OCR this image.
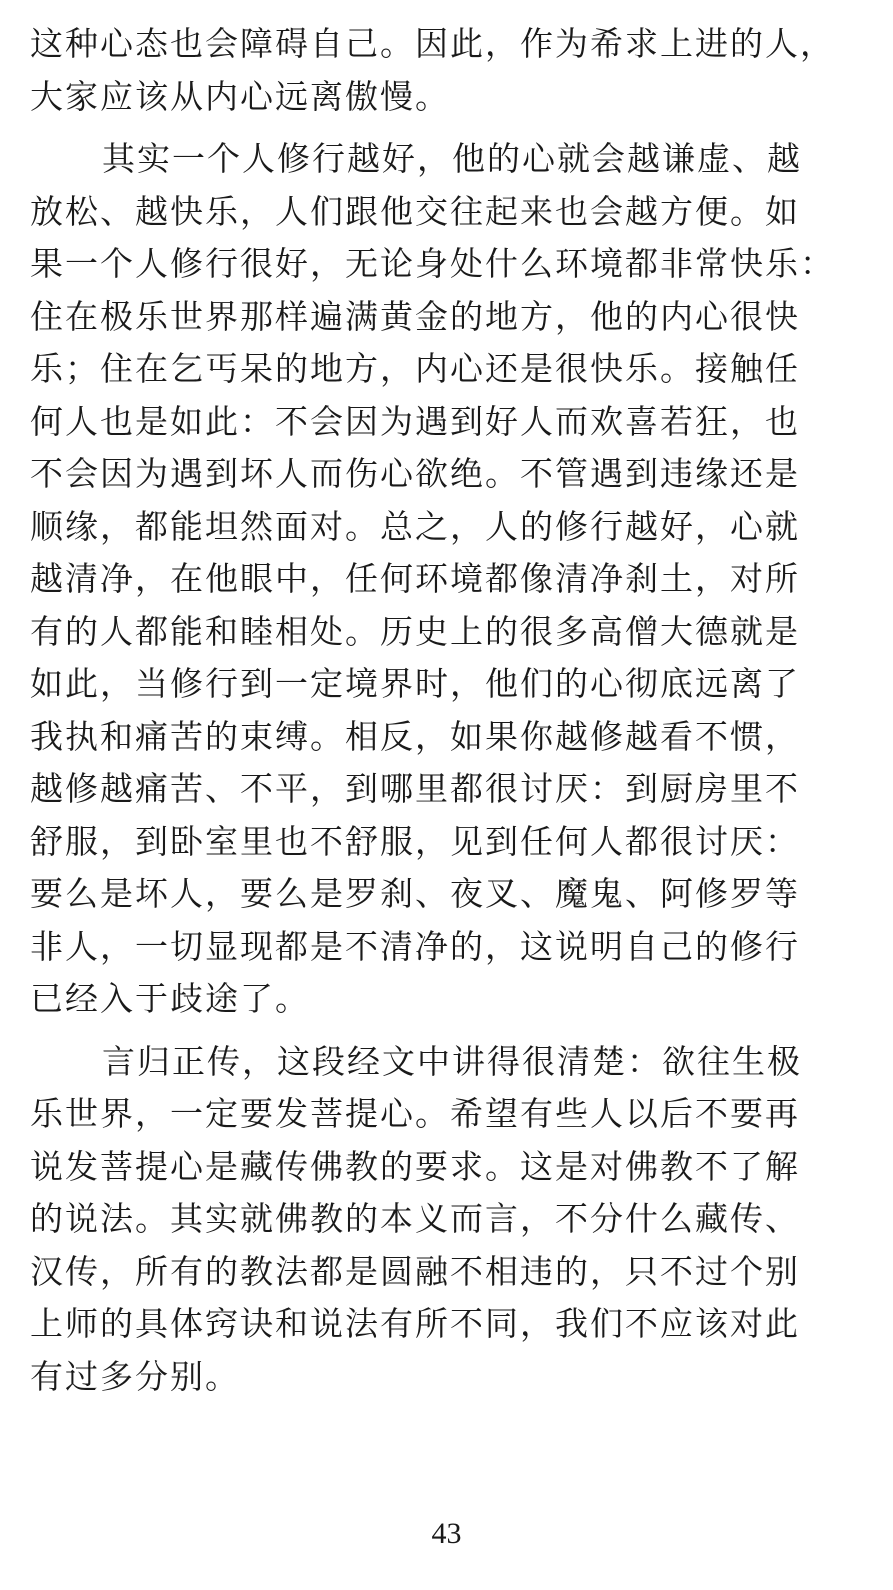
这种心态也会障碍自己。因此，作为希求上进的人，
大家应该从内心远离傲慢。

其实一个人修行越好，他的心就会越谦虚、越
放松、越快乐，人们跟他交往起来也会越方便。如
果一个人修行很好，无论身处什么环境都非常快乐：
住在极乐世界那样遍满黄金的地方，他的内心很快
乐；住在乞丐呆的地方，内心还是很快乐。接触任
何人也是如此：不会因为遇到好人而欢喜若狂，也
不会因为遇到坏人而伤心欲绝。不管遇到违缘还是
顺缘，都能坦然面对。总之，人的修行越好，心就
越清净，在他眼中，任何环境都像清净刹土，对所
有的人都能和睦相处。历史上的很多高僧大德就是
如此，当修行到一定境界时，他们的心彻底远离了
我执和痛苦的束缚。相反，如果你越修越看不惯，
越修越痛苦、不平，到哪里都很讨厌：到厨房里不
舒服，到卧室里也不舒服，见到任何人都很讨厌：
要么是坏人，要么是罗刹、夜叉、魔鬼、阿修罗等
非人，一切显现都是不清净的，这说明自己的修行
已经入于歧途了。

言归正传，这段经文中讲得很清楚：欲往生极
乐世界，一定要发菩提心。希望有些人以后不要再
说发菩提心是藏传佛教的要求。这是对佛教不了解
的说法。其实就佛教的本义而言，不分什么藏传、
汉传，所有的教法都是圆融不相违的，只不过个别
上师的具体窍诀和说法有所不同，我们不应该对此
有过多分别。

43
